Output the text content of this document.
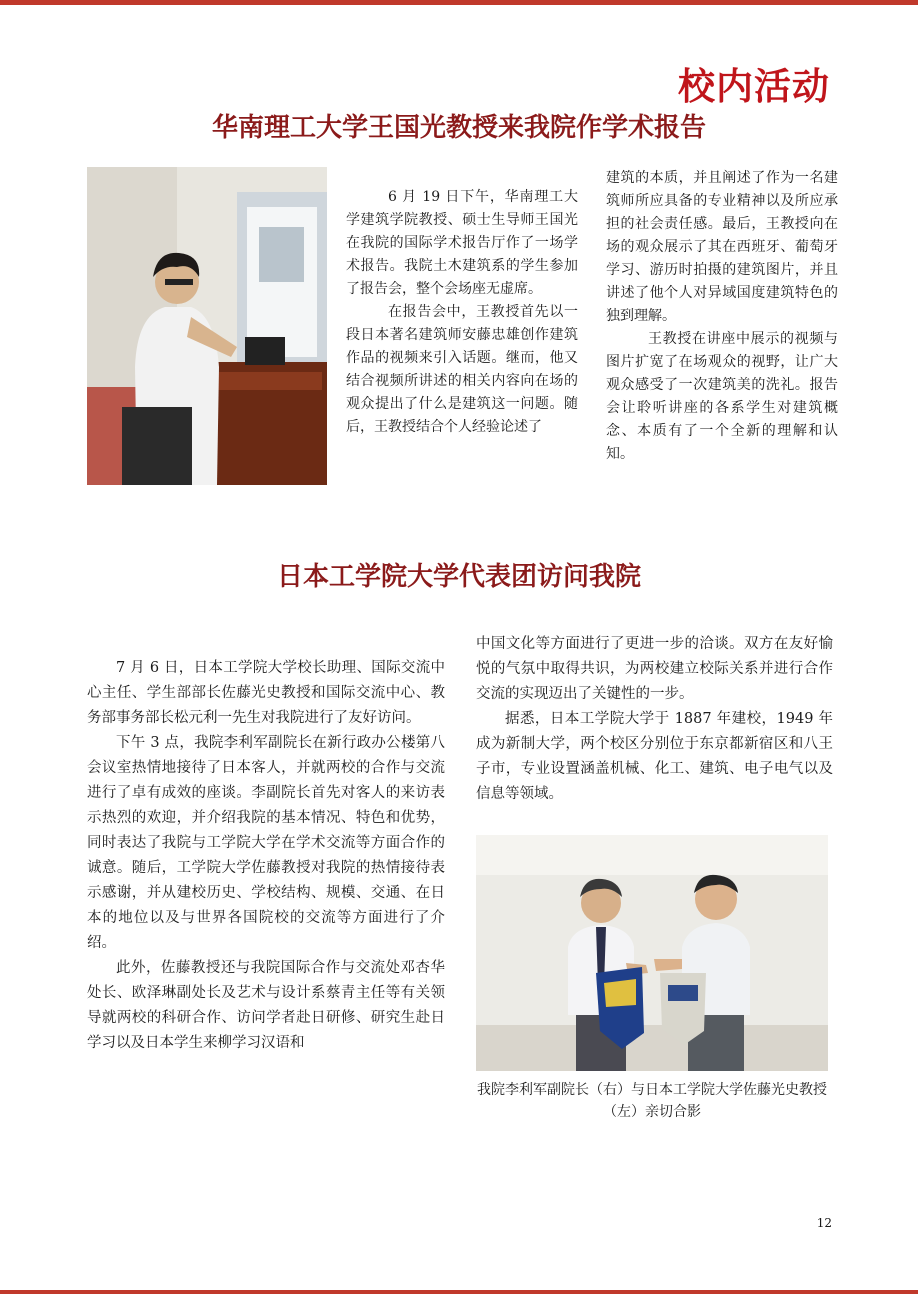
校内活动
华南理工大学王国光教授来我院作学术报告

6 月 19 日下午，华南理工大学建筑学院教授、硕士生导师王国光在我院的国际学术报告厅作了一场学术报告。我院土木建筑系的学生参加了报告会，整个会场座无虚席。

在报告会中，王教授首先以一段日本著名建筑师安藤忠雄创作建筑作品的视频来引入话题。继而，他又结合视频所讲述的相关内容向在场的观众提出了什么是建筑这一问题。随后，王教授结合个人经验论述了

建筑的本质，并且阐述了作为一名建筑师所应具备的专业精神以及所应承担的社会责任感。最后，王教授向在场的观众展示了其在西班牙、葡萄牙学习、游历时拍摄的建筑图片，并且讲述了他个人对异域国度建筑特色的独到理解。

王教授在讲座中展示的视频与图片扩宽了在场观众的视野，让广大观众感受了一次建筑美的洗礼。报告会让聆听讲座的各系学生对建筑概念、本质有了一个全新的理解和认知。

日本工学院大学代表团访问我院

7 月 6 日，日本工学院大学校长助理、国际交流中心主任、学生部部长佐藤光史教授和国际交流中心、教务部事务部长松元利一先生对我院进行了友好访问。

下午 3 点，我院李利军副院长在新行政办公楼第八会议室热情地接待了日本客人，并就两校的合作与交流进行了卓有成效的座谈。李副院长首先对客人的来访表示热烈的欢迎，并介绍我院的基本情况、特色和优势，同时表达了我院与工学院大学在学术交流等方面合作的诚意。随后，工学院大学佐藤教授对我院的热情接待表示感谢，并从建校历史、学校结构、规模、交通、在日本的地位以及与世界各国院校的交流等方面进行了介绍。

此外，佐藤教授还与我院国际合作与交流处邓杏华处长、欧泽琳副处长及艺术与设计系蔡青主任等有关领导就两校的科研合作、访问学者赴日研修、研究生赴日学习以及日本学生来柳学习汉语和

中国文化等方面进行了更进一步的洽谈。双方在友好愉悦的气氛中取得共识，为两校建立校际关系并进行合作交流的实现迈出了关键性的一步。

据悉，日本工学院大学于 1887 年建校，1949 年成为新制大学，两个校区分别位于东京都新宿区和八王子市，专业设置涵盖机械、化工、建筑、电子电气以及信息等领域。

我院李利军副院长（右）与日本工学院大学佐藤光史教授（左）亲切合影
12
